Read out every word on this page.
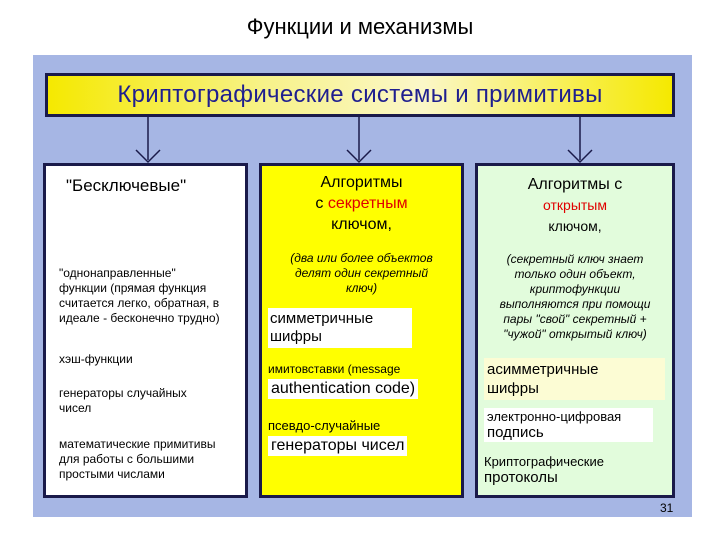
Функции и механизмы
Криптографические системы и примитивы
"Бесключевые"
"однонаправленные"
функции (прямая функция
считается легко, обратная, в
идеале - бесконечно трудно)
хэш-функции
генераторы случайных
чисел
математические примитивы
для работы с большими
простыми числами
Алгоритмы
с секретным
ключом,
(два или более объектов
делят один секретный
ключ)
симметричные
шифры
имитовставки (message
authentication code)
псевдо-случайные
генераторы чисел
Алгоритмы с
открытым
ключом,
(секретный ключ знает
только один объект,
криптофункции
выполняются при помощи
пары "свой" секретный +
"чужой" открытый ключ)
асимметричные
шифры
электронно-цифровая
подпись
Криптографические
протоколы
31
